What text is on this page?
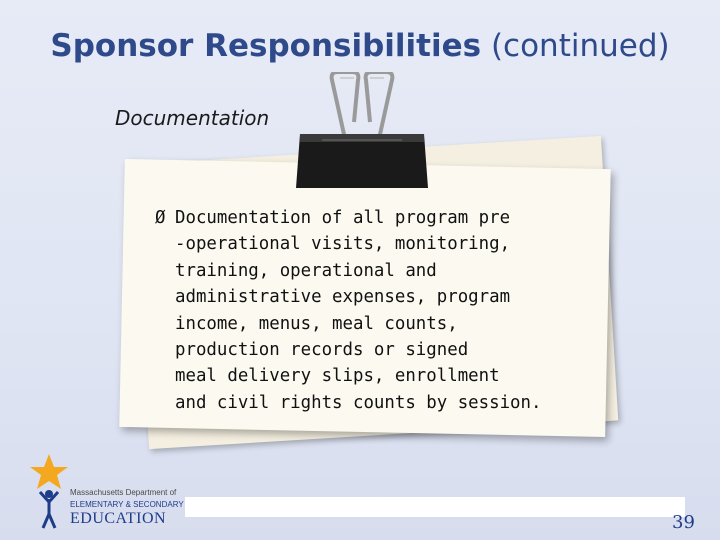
Sponsor Responsibilities (continued)
Documentation
Ø Documentation of all program pre
-operational visits, monitoring,
training, operational and
administrative expenses, program
income, menus, meal counts,
production records or signed
meal delivery slips, enrollment
and civil rights counts by session.
39
Massachusetts Department of
ELEMENTARY & SECONDARY
EDUCATION
